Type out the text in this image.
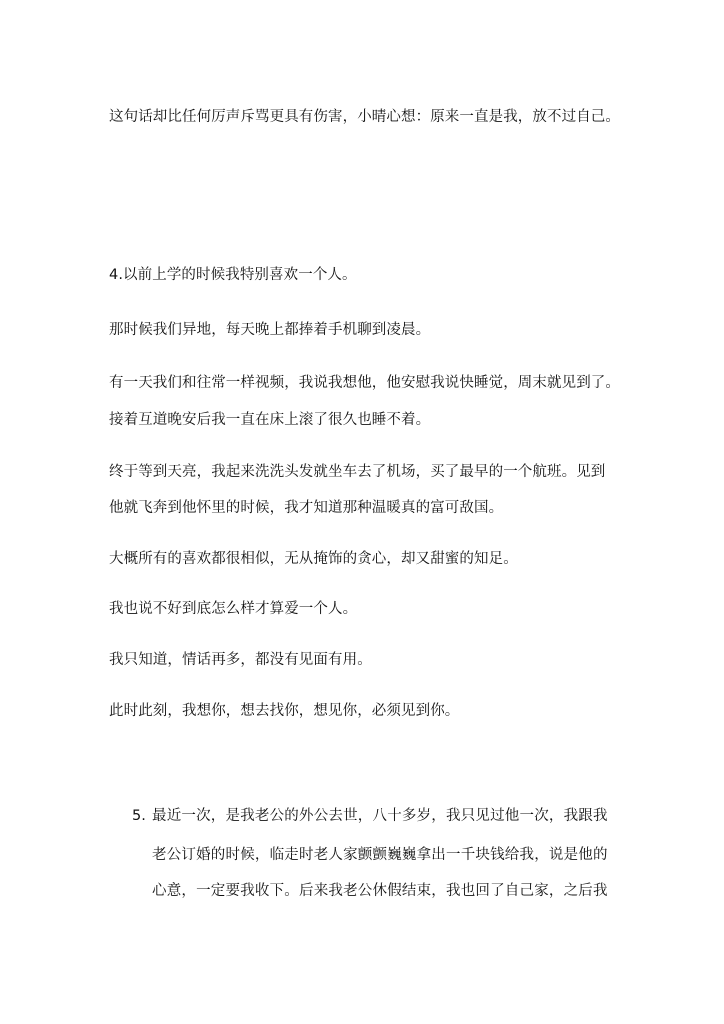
这句话却比任何厉声斥骂更具有伤害，小晴心想：原来一直是我，放不过自己。
4.以前上学的时候我特别喜欢一个人。
那时候我们异地，每天晚上都捧着手机聊到凌晨。
有一天我们和往常一样视频，我说我想他，他安慰我说快睡觉，周末就见到了。
接着互道晚安后我一直在床上滚了很久也睡不着。
终于等到天亮，我起来洗洗头发就坐车去了机场，买了最早的一个航班。见到
他就飞奔到他怀里的时候，我才知道那种温暖真的富可敌国。
大概所有的喜欢都很相似，无从掩饰的贪心，却又甜蜜的知足。
我也说不好到底怎么样才算爱一个人。
我只知道，情话再多，都没有见面有用。
此时此刻，我想你，想去找你，想见你，必须见到你。
5. 最近一次，是我老公的外公去世，八十多岁，我只见过他一次，我跟我
老公订婚的时候，临走时老人家颤颤巍巍拿出一千块钱给我，说是他的
心意，一定要我收下。后来我老公休假结束，我也回了自己家，之后我
